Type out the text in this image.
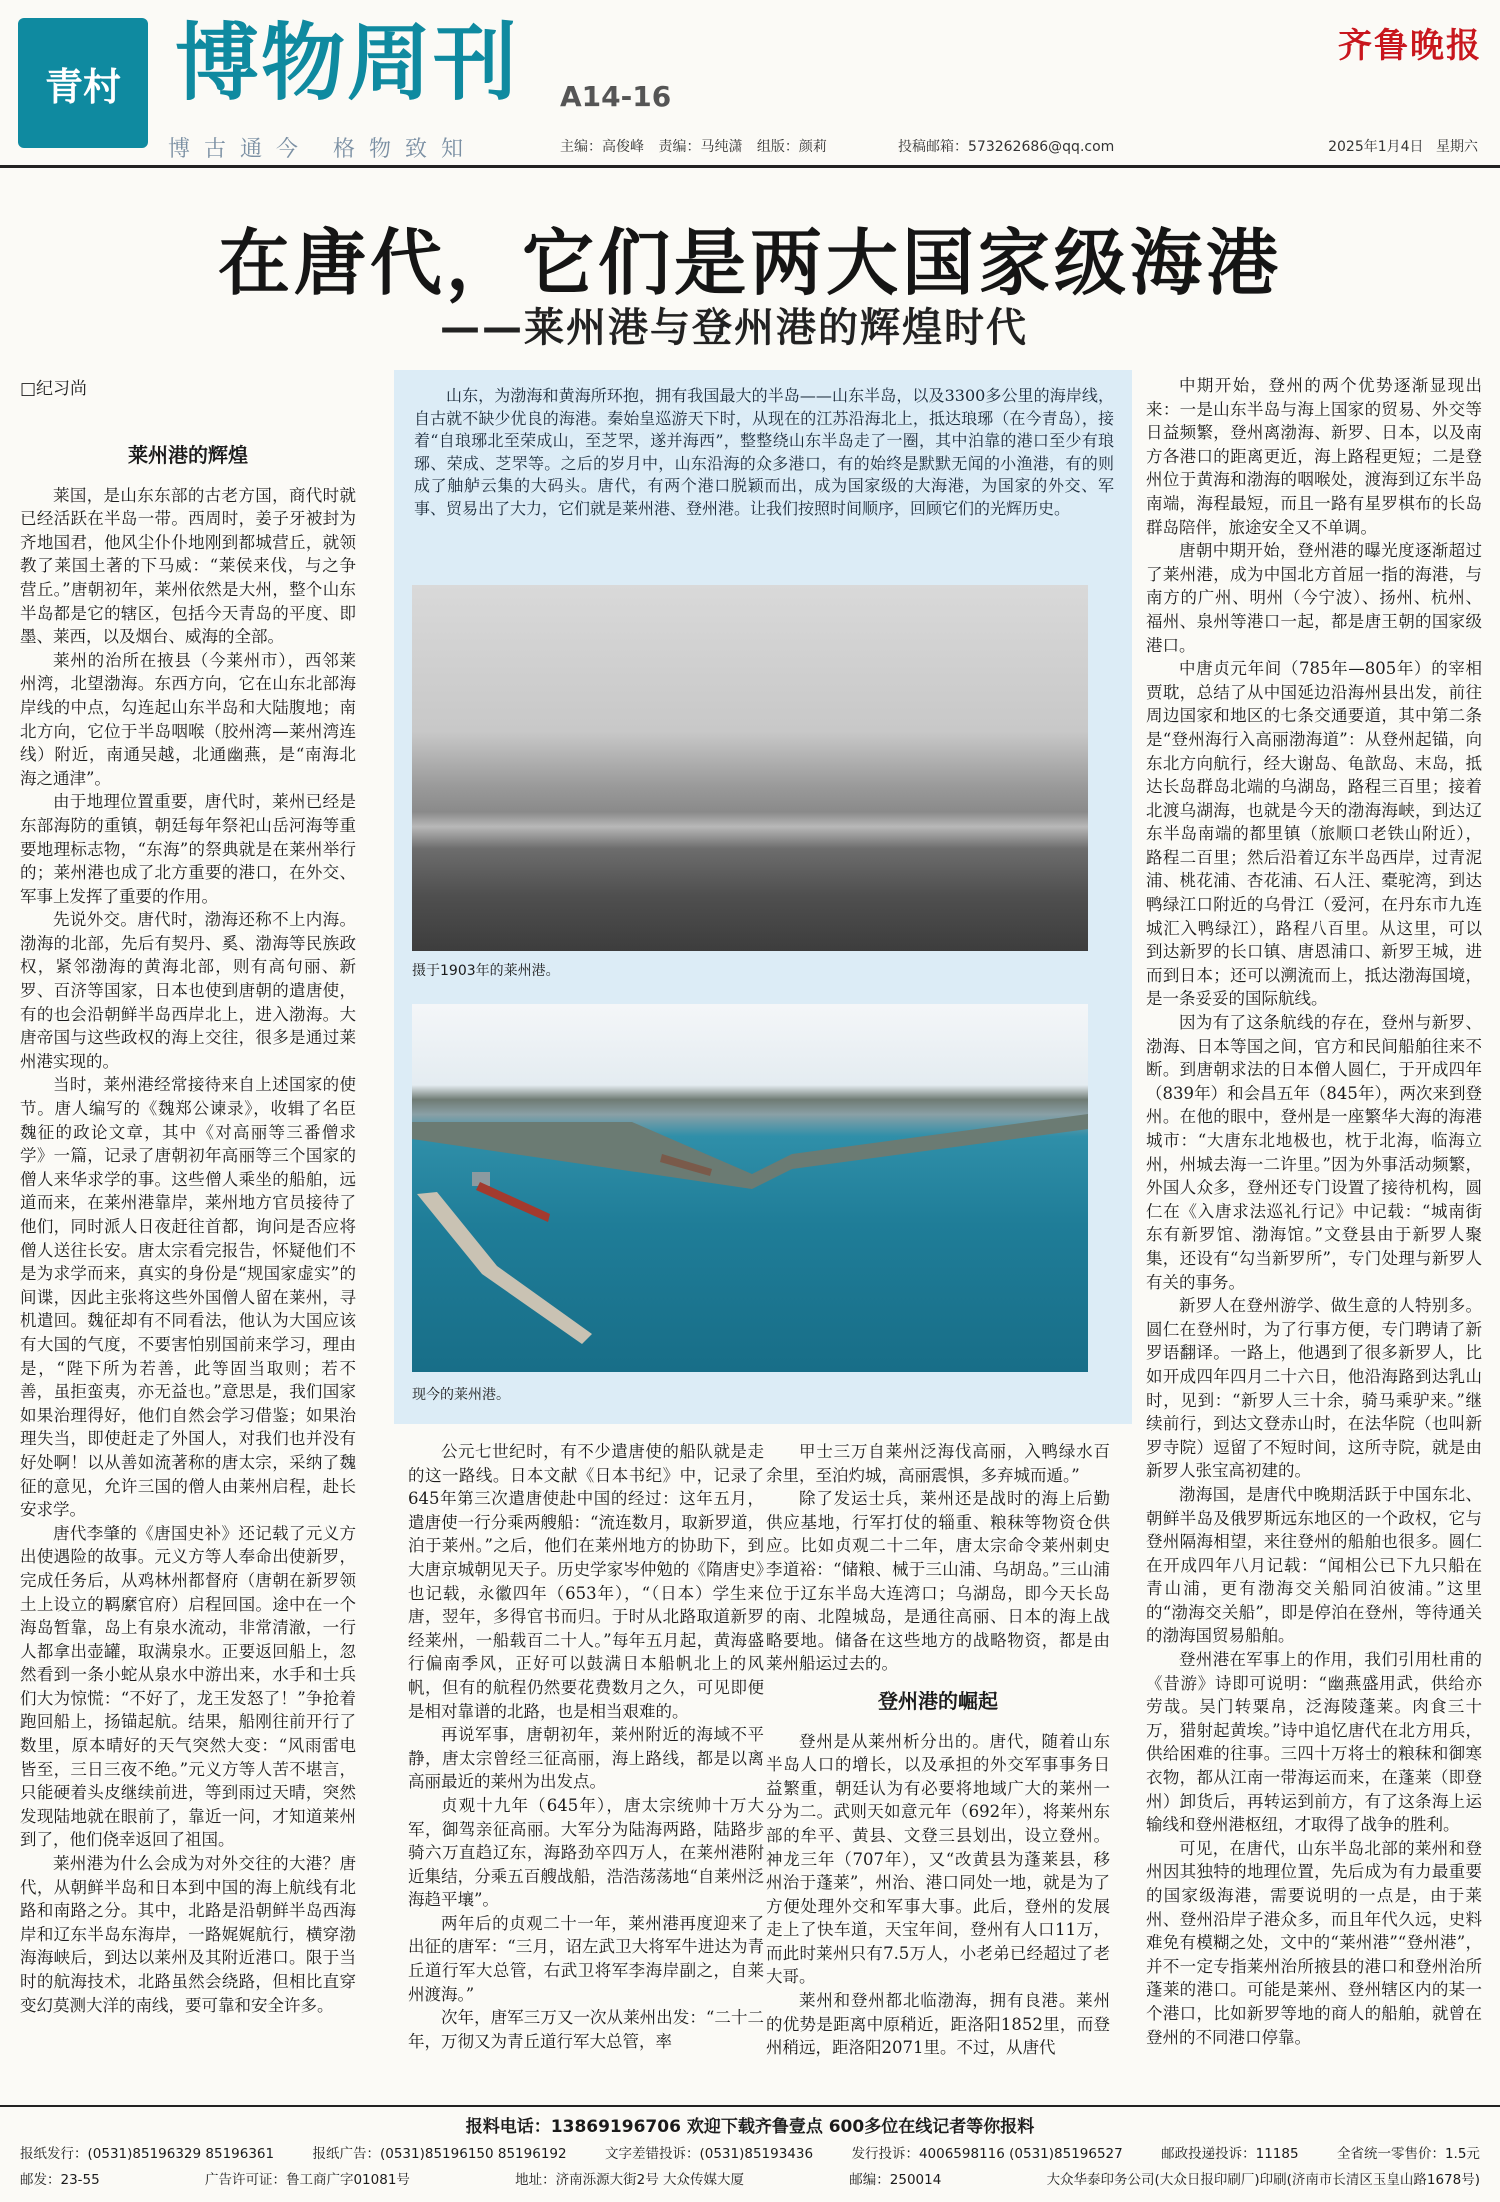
青村 博物周刊 A14-16
齐鲁晚报
博古通今 格物致知	主编：高俊峰 责编：马纯潇 组版：颜莉	投稿邮箱：573262686@qq.com	2025年1月4日 星期六
在唐代，它们是两大国家级海港
——莱州港与登州港的辉煌时代
□纪习尚
莱州港的辉煌

莱国，是山东东部的古老方国，商代时就已经活跃在半岛一带。西周时，姜子牙被封为齐地国君，他风尘仆仆地刚到都城营丘，就领教了莱国土著的下马威：“莱侯来伐，与之争营丘。”唐朝初年，莱州依然是大州，整个山东半岛都是它的辖区，包括今天青岛的平度、即墨、莱西，以及烟台、威海的全部。

莱州的治所在掖县（今莱州市），西邻莱州湾，北望渤海。东西方向，它在山东北部海岸线的中点，勾连起山东半岛和大陆腹地；南北方向，它位于半岛咽喉（胶州湾—莱州湾连线）附近，南通吴越，北通幽燕，是“南海北海之通津”。

由于地理位置重要，唐代时，莱州已经是东部海防的重镇，朝廷每年祭祀山岳河海等重要地理标志物，“东海”的祭典就是在莱州举行的；莱州港也成了北方重要的港口，在外交、军事上发挥了重要的作用。

先说外交。唐代时，渤海还称不上内海。渤海的北部，先后有契丹、奚、渤海等民族政权，紧邻渤海的黄海北部，则有高句丽、新罗、百济等国家，日本也使到唐朝的遣唐使，有的也会沿朝鲜半岛西岸北上，进入渤海。大唐帝国与这些政权的海上交往，很多是通过莱州港实现的。

当时，莱州港经常接待来自上述国家的使节。唐人编写的《魏郑公谏录》，收辑了名臣魏征的政论文章，其中《对高丽等三番僧求学》一篇，记录了唐朝初年高丽等三个国家的僧人来华求学的事。这些僧人乘坐的船舶，远道而来，在莱州港靠岸，莱州地方官员接待了他们，同时派人日夜赶往首都，询问是否应将僧人送往长安。唐太宗看完报告，怀疑他们不是为求学而来，真实的身份是“规国家虚实”的间谍，因此主张将这些外国僧人留在莱州，寻机遣回。魏征却有不同看法，他认为大国应该有大国的气度，不要害怕别国前来学习，理由是，“陛下所为若善，此等固当取则；若不善，虽拒蛮夷，亦无益也。”意思是，我们国家如果治理得好，他们自然会学习借鉴；如果治理失当，即使赶走了外国人，对我们也并没有好处啊！以从善如流著称的唐太宗，采纳了魏征的意见，允许三国的僧人由莱州启程，赴长安求学。

唐代李肇的《唐国史补》还记载了元义方出使遇险的故事。元义方等人奉命出使新罗，完成任务后，从鸡林州都督府（唐朝在新罗领土上设立的羁縻官府）启程回国。途中在一个海岛暂靠，岛上有泉水流动，非常清澈，一行人都拿出壶罐，取满泉水。正要返回船上，忽然看到一条小蛇从泉水中游出来，水手和士兵们大为惊慌：“不好了，龙王发怒了！”争抢着跑回船上，扬锚起航。结果，船刚往前开行了数里，原本晴好的天气突然大变：“风雨雷电皆至，三日三夜不绝。”元义方等人苦不堪言，只能硬着头皮继续前进，等到雨过天晴，突然发现陆地就在眼前了，靠近一问，才知道莱州到了，他们侥幸返回了祖国。

莱州港为什么会成为对外交往的大港？唐代，从朝鲜半岛和日本到中国的海上航线有北路和南路之分。其中，北路是沿朝鲜半岛西海岸和辽东半岛东海岸，一路娓娓航行，横穿渤海海峡后，到达以莱州及其附近港口。限于当时的航海技术，北路虽然会绕路，但相比直穿变幻莫测大洋的南线，要可靠和安全许多。

山东，为渤海和黄海所环抱，拥有我国最大的半岛——山东半岛，以及3300多公里的海岸线，自古就不缺少优良的海港。秦始皇巡游天下时，从现在的江苏沿海北上，抵达琅琊（在今青岛），接着“自琅琊北至荣成山，至芝罘，遂并海西”，整整绕山东半岛走了一圈，其中泊靠的港口至少有琅琊、荣成、芝罘等。之后的岁月中，山东沿海的众多港口，有的始终是默默无闻的小渔港，有的则成了舳舻云集的大码头。唐代，有两个港口脱颖而出，成为国家级的大海港，为国家的外交、军事、贸易出了大力，它们就是莱州港、登州港。让我们按照时间顺序，回顾它们的光辉历史。

摄于1903年的莱州港。
现今的莱州港。

公元七世纪时，有不少遣唐使的船队就是走的这一路线。日本文献《日本书纪》中，记录了645年第三次遣唐使赴中国的经过：这年五月，遣唐使一行分乘两艘船：“流连数月，取新罗道，泊于莱州。”之后，他们在莱州地方的协助下，到大唐京城朝见天子。历史学家岑仲勉的《隋唐史》也记载，永徽四年（653年），“（日本）学生来唐，翌年，多得官书而归。于时从北路取道新罗经莱州，一船载百二十人。”每年五月起，黄海盛行偏南季风，正好可以鼓满日本船帆北上的风帆，但有的航程仍然要花费数月之久，可见即便是相对靠谱的北路，也是相当艰难的。

再说军事，唐朝初年，莱州附近的海域不平静，唐太宗曾经三征高丽，海上路线，都是以离高丽最近的莱州为出发点。

贞观十九年（645年），唐太宗统帅十万大军，御驾亲征高丽。大军分为陆海两路，陆路步骑六万直趋辽东，海路劲卒四万人，在莱州港附近集结，分乘五百艘战船，浩浩荡荡地“自莱州泛海趋平壤”。

两年后的贞观二十一年，莱州港再度迎来了出征的唐军：“三月，诏左武卫大将军牛进达为青丘道行军大总管，右武卫将军李海岸副之，自莱州渡海。”

次年，唐军三万又一次从莱州出发：“二十二年，万彻又为青丘道行军大总管，率

甲士三万自莱州泛海伐高丽，入鸭绿水百余里，至泊灼城，高丽震惧，多弃城而遁。”

除了发运士兵，莱州还是战时的海上后勤供应基地，行军打仗的辎重、粮秣等物资仓供应。比如贞观二十二年，唐太宗命令莱州刺史李道裕：“储粮、械于三山浦、乌胡岛。”三山浦位于辽东半岛大连湾口；乌湖岛，即今天长岛的南、北隍城岛，是通往高丽、日本的海上战略要地。储备在这些地方的战略物资，都是由莱州船运过去的。

登州港的崛起

登州是从莱州析分出的。唐代，随着山东半岛人口的增长，以及承担的外交军事事务日益繁重，朝廷认为有必要将地域广大的莱州一分为二。武则天如意元年（692年），将莱州东部的牟平、黄县、文登三县划出，设立登州。神龙三年（707年），又“改黄县为蓬莱县，移州治于蓬莱”，州治、港口同处一地，就是为了方便处理外交和军事大事。此后，登州的发展走上了快车道，天宝年间，登州有人口11万，而此时莱州只有7.5万人，小老弟已经超过了老大哥。

莱州和登州都北临渤海，拥有良港。莱州的优势是距离中原稍近，距洛阳1852里，而登州稍远，距洛阳2071里。不过，从唐代

中期开始，登州的两个优势逐渐显现出来：一是山东半岛与海上国家的贸易、外交等日益频繁，登州离渤海、新罗、日本，以及南方各港口的距离更近，海上路程更短；二是登州位于黄海和渤海的咽喉处，渡海到辽东半岛南端，海程最短，而且一路有星罗棋布的长岛群岛陪伴，旅途安全又不单调。

唐朝中期开始，登州港的曝光度逐渐超过了莱州港，成为中国北方首屈一指的海港，与南方的广州、明州（今宁波）、扬州、杭州、福州、泉州等港口一起，都是唐王朝的国家级港口。

中唐贞元年间（785年—805年）的宰相贾耽，总结了从中国延边沿海州县出发，前往周边国家和地区的七条交通要道，其中第二条是“登州海行入高丽渤海道”：从登州起锚，向东北方向航行，经大谢岛、龟歆岛、末岛，抵达长岛群岛北端的乌湖岛，路程三百里；接着北渡乌湖海，也就是今天的渤海海峡，到达辽东半岛南端的都里镇（旅顺口老铁山附近），路程二百里；然后沿着辽东半岛西岸，过青泥浦、桃花浦、杏花浦、石人汪、橐驼湾，到达鸭绿江口附近的乌骨江（爱河，在丹东市九连城汇入鸭绿江），路程八百里。从这里，可以到达新罗的长口镇、唐恩浦口、新罗王城，进而到日本；还可以溯流而上，抵达渤海国境，是一条妥妥的国际航线。

因为有了这条航线的存在，登州与新罗、渤海、日本等国之间，官方和民间船舶往来不断。到唐朝求法的日本僧人圆仁，于开成四年（839年）和会昌五年（845年），两次来到登州。在他的眼中，登州是一座繁华大海的海港城市：“大唐东北地极也，枕于北海，临海立州，州城去海一二许里。”因为外事活动频繁，外国人众多，登州还专门设置了接待机构，圆仁在《入唐求法巡礼行记》中记载：“城南街东有新罗馆、渤海馆。”文登县由于新罗人聚集，还设有“勾当新罗所”，专门处理与新罗人有关的事务。

新罗人在登州游学、做生意的人特别多。圆仁在登州时，为了行事方便，专门聘请了新罗语翻译。一路上，他遇到了很多新罗人，比如开成四年四月二十六日，他沿海路到达乳山时，见到：“新罗人三十余，骑马乘驴来。”继续前行，到达文登赤山时，在法华院（也叫新罗寺院）逗留了不短时间，这所寺院，就是由新罗人张宝高初建的。

渤海国，是唐代中晚期活跃于中国东北、朝鲜半岛及俄罗斯远东地区的一个政权，它与登州隔海相望，来往登州的船舶也很多。圆仁在开成四年八月记载：“闻相公已下九只船在青山浦，更有渤海交关船同泊彼浦。”这里的“渤海交关船”，即是停泊在登州，等待通关的渤海国贸易船舶。

登州港在军事上的作用，我们引用杜甫的《昔游》诗即可说明：“幽燕盛用武，供给亦劳哉。吴门转粟帛，泛海陵蓬莱。肉食三十万，猎射起黄埃。”诗中追忆唐代在北方用兵，供给困难的往事。三四十万将士的粮秣和御寒衣物，都从江南一带海运而来，在蓬莱（即登州）卸货后，再转运到前方，有了这条海上运输线和登州港枢纽，才取得了战争的胜利。

可见，在唐代，山东半岛北部的莱州和登州因其独特的地理位置，先后成为有力最重要的国家级海港，需要说明的一点是，由于莱州、登州沿岸子港众多，而且年代久远，史料难免有模糊之处，文中的“莱州港”“登州港”，并不一定专指莱州治所掖县的港口和登州治所蓬莱的港口。可能是莱州、登州辖区内的某一个港口，比如新罗等地的商人的船舶，就曾在登州的不同港口停靠。

报料电话：13869196706 欢迎下载齐鲁壹点 600多位在线记者等你报料
报纸发行：(0531)85196329 85196361	报纸广告：(0531)85196150 85196192	文字差错投诉：(0531)85193436	发行投诉：4006598116 (0531)85196527	邮政投递投诉：11185	全省统一零售价：1.5元
邮发：23-55	广告许可证：鲁工商广字01081号	地址：济南泺源大街2号 大众传媒大厦	邮编：250014	大众华泰印务公司(大众日报印刷厂)印刷(济南市长清区玉皇山路1678号)
